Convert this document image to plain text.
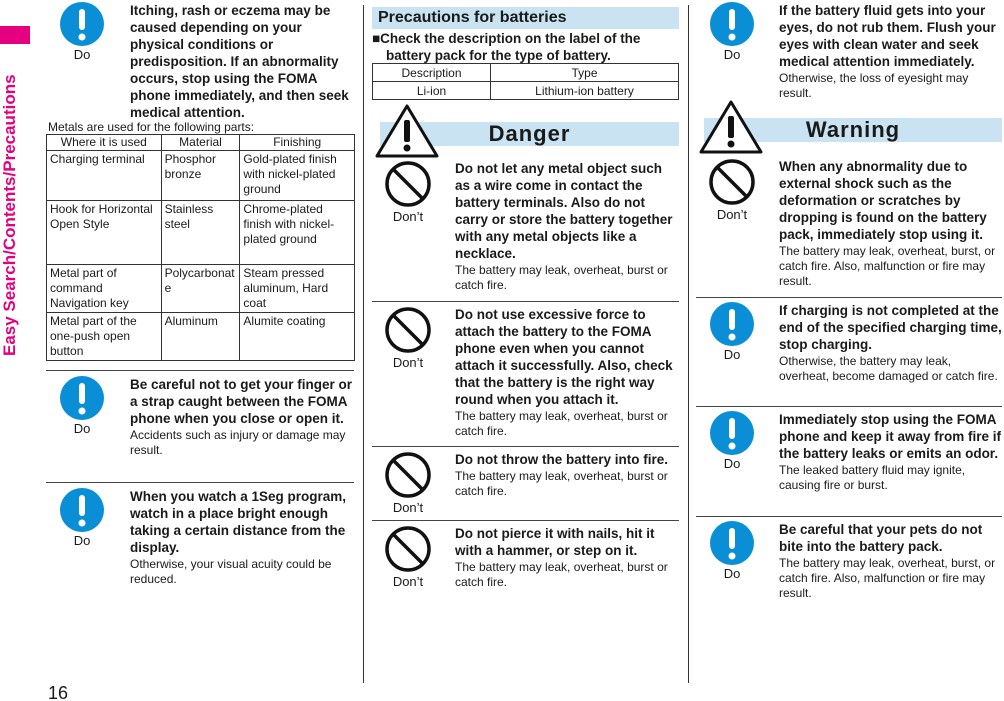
Easy Search/Contents/Precautions
16
Do
Itching, rash or eczema may be caused depending on your physical conditions or predisposition. If an abnormality occurs, stop using the FOMA phone immediately, and then seek medical attention.
Metals are used for the following parts:
Where it is used	Material	Finishing
Charging terminal	Phosphor bronze	Gold-plated finish with nickel-plated ground
Hook for Horizontal Open Style	Stainless steel	Chrome-plated finish with nickel-plated ground
Metal part of command Navigation key	Polycarbonate	Steam pressed aluminum, Hard coat
Metal part of the one-push open button	Aluminum	Alumite coating
Do
Be careful not to get your finger or a strap caught between the FOMA phone when you close or open it.
Accidents such as injury or damage may result.
Do
When you watch a 1Seg program, watch in a place bright enough taking a certain distance from the display.
Otherwise, your visual acuity could be reduced.
Precautions for batteries
■Check the description on the label of the battery pack for the type of battery.
Description	Type
Li-ion	Lithium-ion battery
Danger
Don’t
Do not let any metal object such as a wire come in contact the battery terminals. Also do not carry or store the battery together with any metal objects like a necklace.
The battery may leak, overheat, burst or catch fire.
Don’t
Do not use excessive force to attach the battery to the FOMA phone even when you cannot attach it successfully. Also, check that the battery is the right way round when you attach it.
The battery may leak, overheat, burst or catch fire.
Don’t
Do not throw the battery into fire.
The battery may leak, overheat, burst or catch fire.
Don’t
Do not pierce it with nails, hit it with a hammer, or step on it.
The battery may leak, overheat, burst or catch fire.
Do
If the battery fluid gets into your eyes, do not rub them. Flush your eyes with clean water and seek medical attention immediately.
Otherwise, the loss of eyesight may result.
Warning
Don’t
When any abnormality due to external shock such as the deformation or scratches by dropping is found on the battery pack, immediately stop using it.
The battery may leak, overheat, burst, or catch fire. Also, malfunction or fire may result.
Do
If charging is not completed at the end of the specified charging time, stop charging.
Otherwise, the battery may leak, overheat, become damaged or catch fire.
Do
Immediately stop using the FOMA phone and keep it away from fire if the battery leaks or emits an odor.
The leaked battery fluid may ignite, causing fire or burst.
Do
Be careful that your pets do not bite into the battery pack.
The battery may leak, overheat, burst, or catch fire. Also, malfunction or fire may result.
